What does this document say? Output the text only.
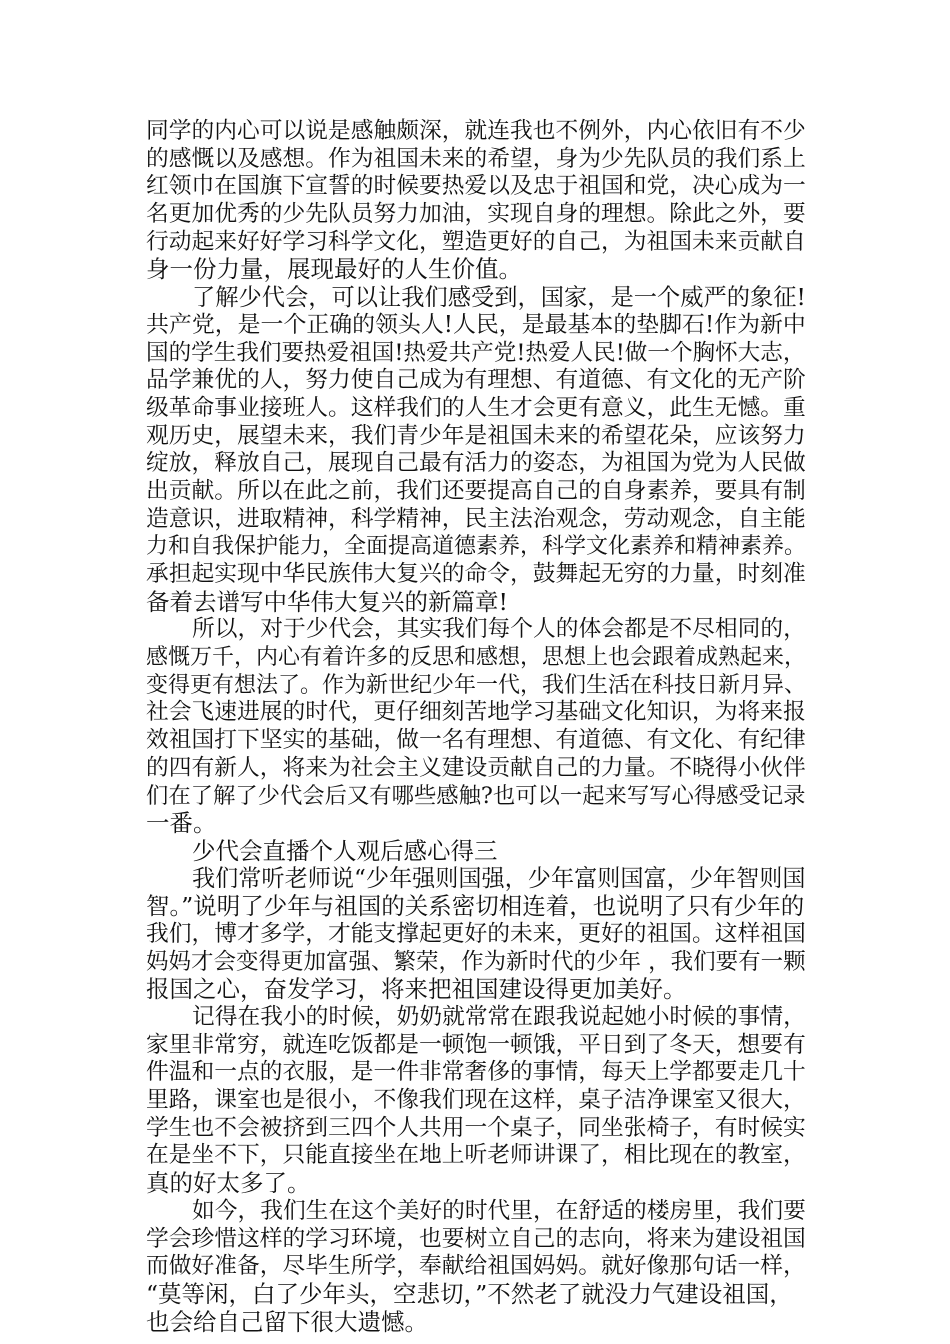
同学的内心可以说是感触颇深，就连我也不例外，内心依旧有不少
的感慨以及感想。作为祖国未来的希望，身为少先队员的我们系上
红领巾在国旗下宣誓的时候要热爱以及忠于祖国和党，决心成为一
名更加优秀的少先队员努力加油，实现自身的理想。除此之外，要
行动起来好好学习科学文化，塑造更好的自己，为祖国未来贡献自
身一份力量，展现最好的人生价值。
了解少代会，可以让我们感受到，国家，是一个威严的象征!
共产党，是一个正确的领头人!人民，是最基本的垫脚石!作为新中
国的学生我们要热爱祖国!热爱共产党!热爱人民!做一个胸怀大志，
品学兼优的人，努力使自己成为有理想、有道德、有文化的无产阶
级革命事业接班人。这样我们的人生才会更有意义，此生无憾。重
观历史，展望未来，我们青少年是祖国未来的希望花朵，应该努力
绽放，释放自己，展现自己最有活力的姿态，为祖国为党为人民做
出贡献。所以在此之前，我们还要提高自己的自身素养，要具有制
造意识，进取精神，科学精神，民主法治观念，劳动观念，自主能
力和自我保护能力，全面提高道德素养，科学文化素养和精神素养。
承担起实现中华民族伟大复兴的命令，鼓舞起无穷的力量，时刻准
备着去谱写中华伟大复兴的新篇章!
所以，对于少代会，其实我们每个人的体会都是不尽相同的，
感慨万千，内心有着许多的反思和感想，思想上也会跟着成熟起来，
变得更有想法了。作为新世纪少年一代，我们生活在科技日新月异、
社会飞速进展的时代，更仔细刻苦地学习基础文化知识，为将来报
效祖国打下坚实的基础，做一名有理想、有道德、有文化、有纪律
的四有新人，将来为社会主义建设贡献自己的力量。不晓得小伙伴
们在了解了少代会后又有哪些感触?也可以一起来写写心得感受记录
一番。
少代会直播个人观后感心得三
我们常听老师说“少年强则国强，少年富则国富，少年智则国
智。”说明了少年与祖国的关系密切相连着，也说明了只有少年的
我们，博才多学，才能支撑起更好的未来，更好的祖国。这样祖国
妈妈才会变得更加富强、繁荣，作为新时代的少年 ，我们要有一颗
报国之心，奋发学习，将来把祖国建设得更加美好。
记得在我小的时候，奶奶就常常在跟我说起她小时候的事情，
家里非常穷，就连吃饭都是一顿饱一顿饿，平日到了冬天，想要有
件温和一点的衣服，是一件非常奢侈的事情，每天上学都要走几十
里路，课室也是很小，不像我们现在这样，桌子洁净课室又很大，
学生也不会被挤到三四个人共用一个桌子，同坐张椅子，有时候实
在是坐不下，只能直接坐在地上听老师讲课了，相比现在的教室，
真的好太多了。
如今，我们生在这个美好的时代里，在舒适的楼房里，我们要
学会珍惜这样的学习环境，也要树立自己的志向，将来为建设祖国
而做好准备，尽毕生所学，奉献给祖国妈妈。就好像那句话一样，
“莫等闲，白了少年头，空悲切，”不然老了就没力气建设祖国，
也会给自己留下很大遗憾。
